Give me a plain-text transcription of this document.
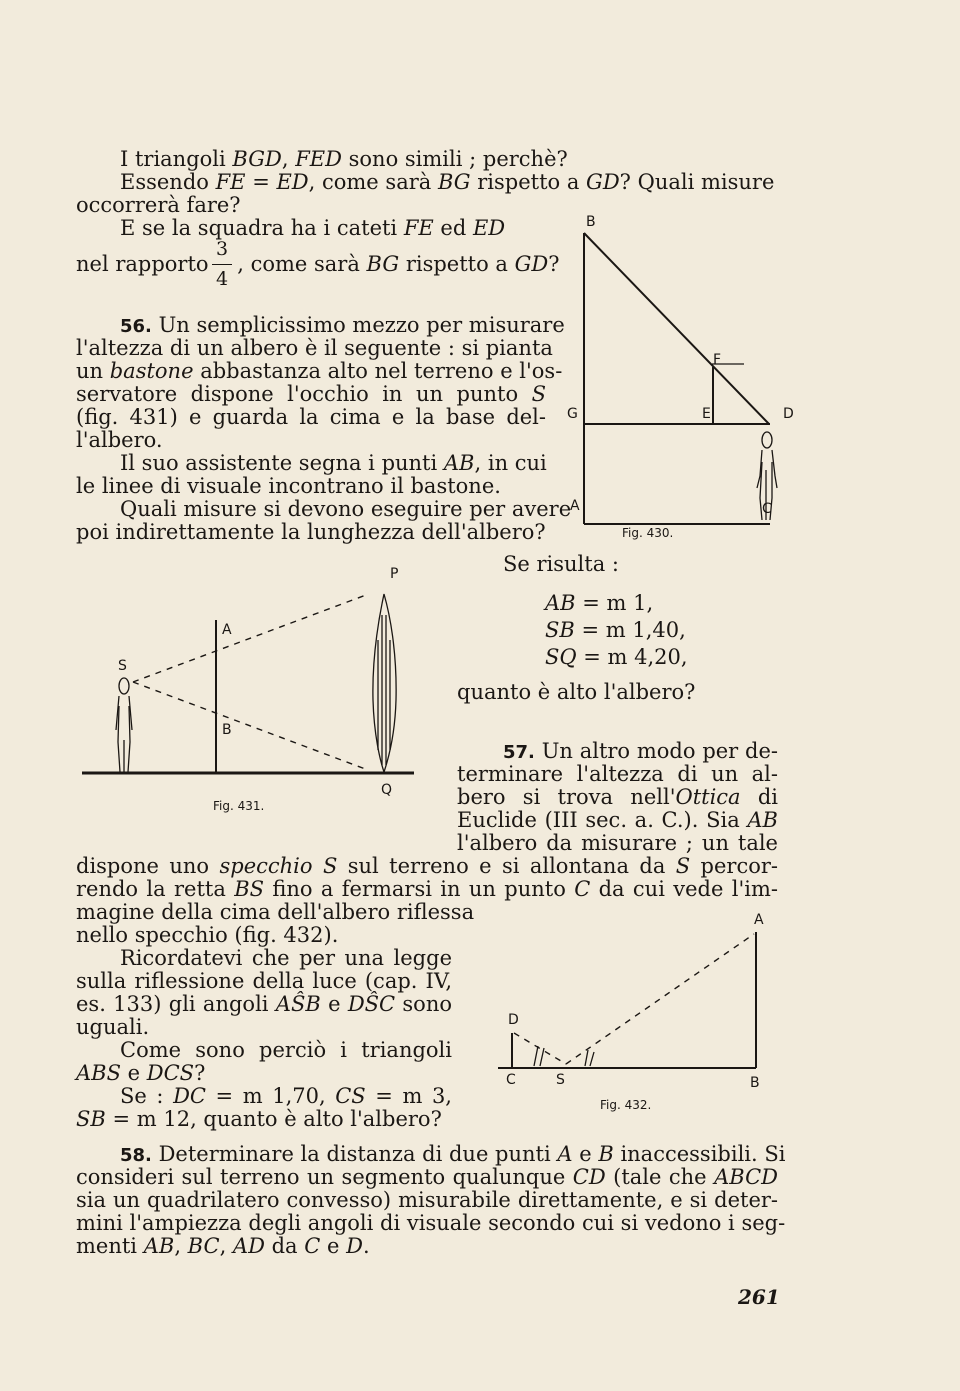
I triangoli BGD, FED sono simili ; perchè?

Essendo FE = ED, come sarà BG rispetto a GD? Quali misure

occorrerà fare?

E se la squadra ha i cateti FE ed ED

3
4

nel rapporto , come sarà BG rispetto a GD?

56. Un semplicissimo mezzo per misurare

l'altezza di un albero è il seguente : si pianta

un bastone abbastanza alto nel terreno e l'os-

servatore dispone l'occhio in un punto S

(fig. 431) e guarda la cima e la base del-

l'albero.

Il suo assistente segna i punti AB, in cui

le linee di visuale incontrano il bastone.

Quali misure si devono eseguire per avere

poi indirettamente la lunghezza dell'albero?

B
F
G	E	D
A	C
Fig. 430.
P
A
S
B
Q
Fig. 431.

Se risulta :

AB = m 1,

SB = m 1,40,

SQ = m 4,20,

quanto è alto l'albero?

57. Un altro modo per de-

terminare l'altezza di un al-

bero si trova nell'Ottica di

Euclide (III sec. a. C.). Sia AB

l'albero da misurare ; un tale

dispone uno specchio S sul terreno e si allontana da S percor-

rendo la retta BS fino a fermarsi in un punto C da cui vede l'im-

magine della cima dell'albero riflessa

nello specchio (fig. 432).

Ricordatevi che per una legge

sulla riflessione della luce (cap. IV,

es. 133) gli angoli AŜB e DŜC sono

uguali.

Come sono perciò i triangoli

ABS e DCS?

Se : DC = m 1,70, CS = m 3,

SB = m 12, quanto è alto l'albero?

A
D
C	S	B
Fig. 432.

58. Determinare la distanza di due punti A e B inaccessibili. Si

consideri sul terreno un segmento qualunque CD (tale che ABCD

sia un quadrilatero convesso) misurabile direttamente, e si deter-

mini l'ampiezza degli angoli di visuale secondo cui si vedono i seg-

menti AB, BC, AD da C e D.

261
